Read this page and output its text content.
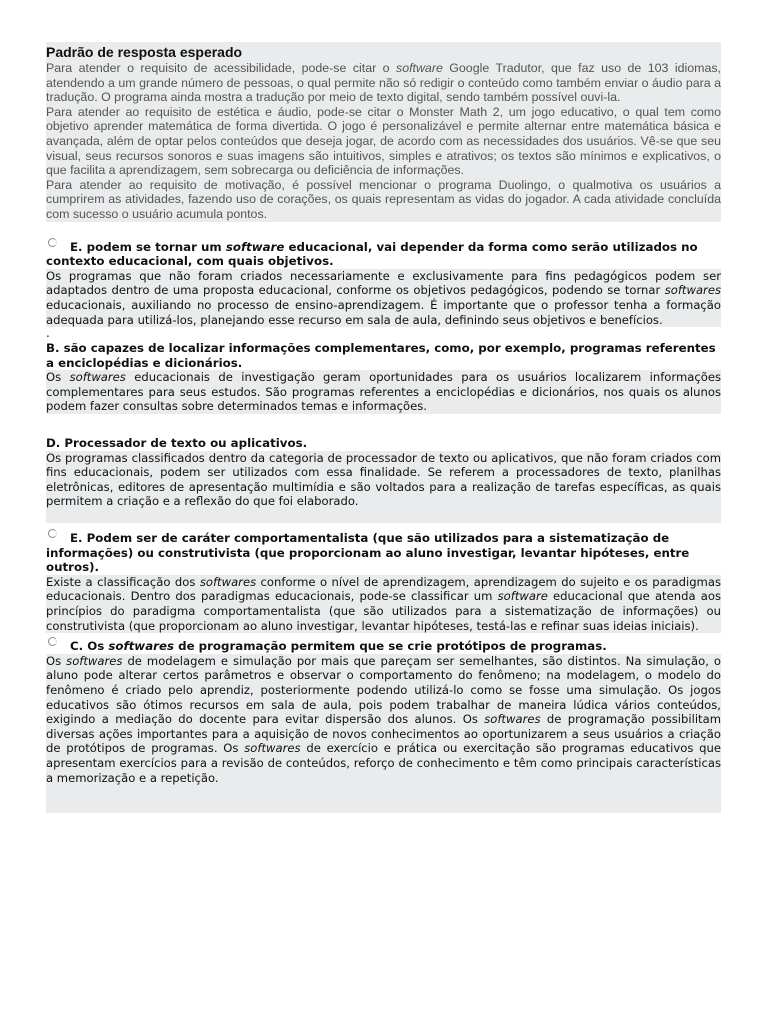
Padrão de resposta esperado

Para atender o requisito de acessibilidade, pode-se citar o software Google Tradutor, que faz uso de 103 idiomas, atendendo a um grande número de pessoas, o qual permite não só redigir o conteúdo como também enviar o áudio para a tradução. O programa ainda mostra a tradução por meio de texto digital, sendo também possível ouvi-la.

Para atender ao requisito de estética e áudio, pode-se citar o Monster Math 2, um jogo educativo, o qual tem como objetivo aprender matemática de forma divertida. O jogo é personalizável e permite alternar entre matemática básica e avançada, além de optar pelos conteúdos que deseja jogar, de acordo com as necessidades dos usuários. Vê-se que seu visual, seus recursos sonoros e suas imagens são intuitivos, simples e atrativos; os textos são mínimos e explicativos, o que facilita a aprendizagem, sem sobrecarga ou deficiência de informações.

Para atender ao requisito de motivação, é possível mencionar o programa Duolingo, o qualmotiva os usuários a cumprirem as atividades, fazendo uso de corações, os quais representam as vidas do jogador. A cada atividade concluída com sucesso o usuário acumula pontos.

E. podem se tornar um software educacional, vai depender da forma como serão utilizados no contexto educacional, com quais objetivos.

Os programas que não foram criados necessariamente e exclusivamente para fins pedagógicos podem ser adaptados dentro de uma proposta educacional, conforme os objetivos pedagógicos, podendo se tornar softwares educacionais, auxiliando no processo de ensino-aprendizagem. É importante que o professor tenha a formação adequada para utilizá-los, planejando esse recurso em sala de aula, definindo seus objetivos e benefícios.

.

B. são capazes de localizar informações complementares, como, por exemplo, programas referentes a enciclopédias e dicionários.

Os softwares educacionais de investigação geram oportunidades para os usuários localizarem informações complementares para seus estudos. São programas referentes a enciclopédias e dicionários, nos quais os alunos podem fazer consultas sobre determinados temas e informações.

D. Processador de texto ou aplicativos.

Os programas classificados dentro da categoria de processador de texto ou aplicativos, que não foram criados com fins educacionais, podem ser utilizados com essa finalidade. Se referem a processadores de texto, planilhas eletrônicas, editores de apresentação multimídia e são voltados para a realização de tarefas específicas, as quais permitem a criação e a reflexão do que foi elaborado.

E. Podem ser de caráter comportamentalista (que são utilizados para a sistematização de informações) ou construtivista (que proporcionam ao aluno investigar, levantar hipóteses, entre outros).

Existe a classificação dos softwares conforme o nível de aprendizagem, aprendizagem do sujeito e os paradigmas educacionais. Dentro dos paradigmas educacionais, pode-se classificar um software educacional que atenda aos princípios do paradigma comportamentalista (que são utilizados para a sistematização de informações) ou construtivista (que proporcionam ao aluno investigar, levantar hipóteses, testá-las e refinar suas ideias iniciais).

C. Os softwares de programação permitem que se crie protótipos de programas.

Os softwares de modelagem e simulação por mais que pareçam ser semelhantes, são distintos. Na simulação, o aluno pode alterar certos parâmetros e observar o comportamento do fenômeno; na modelagem, o modelo do fenômeno é criado pelo aprendiz, posteriormente podendo utilizá-lo como se fosse uma simulação. Os jogos educativos são ótimos recursos em sala de aula, pois podem trabalhar de maneira lúdica vários conteúdos, exigindo a mediação do docente para evitar dispersão dos alunos. Os softwares de programação possibilitam diversas ações importantes para a aquisição de novos conhecimentos ao oportunizarem a seus usuários a criação de protótipos de programas. Os softwares de exercício e prática ou exercitação são programas educativos que apresentam exercícios para a revisão de conteúdos, reforço de conhecimento e têm como principais características a memorização e a repetição.
